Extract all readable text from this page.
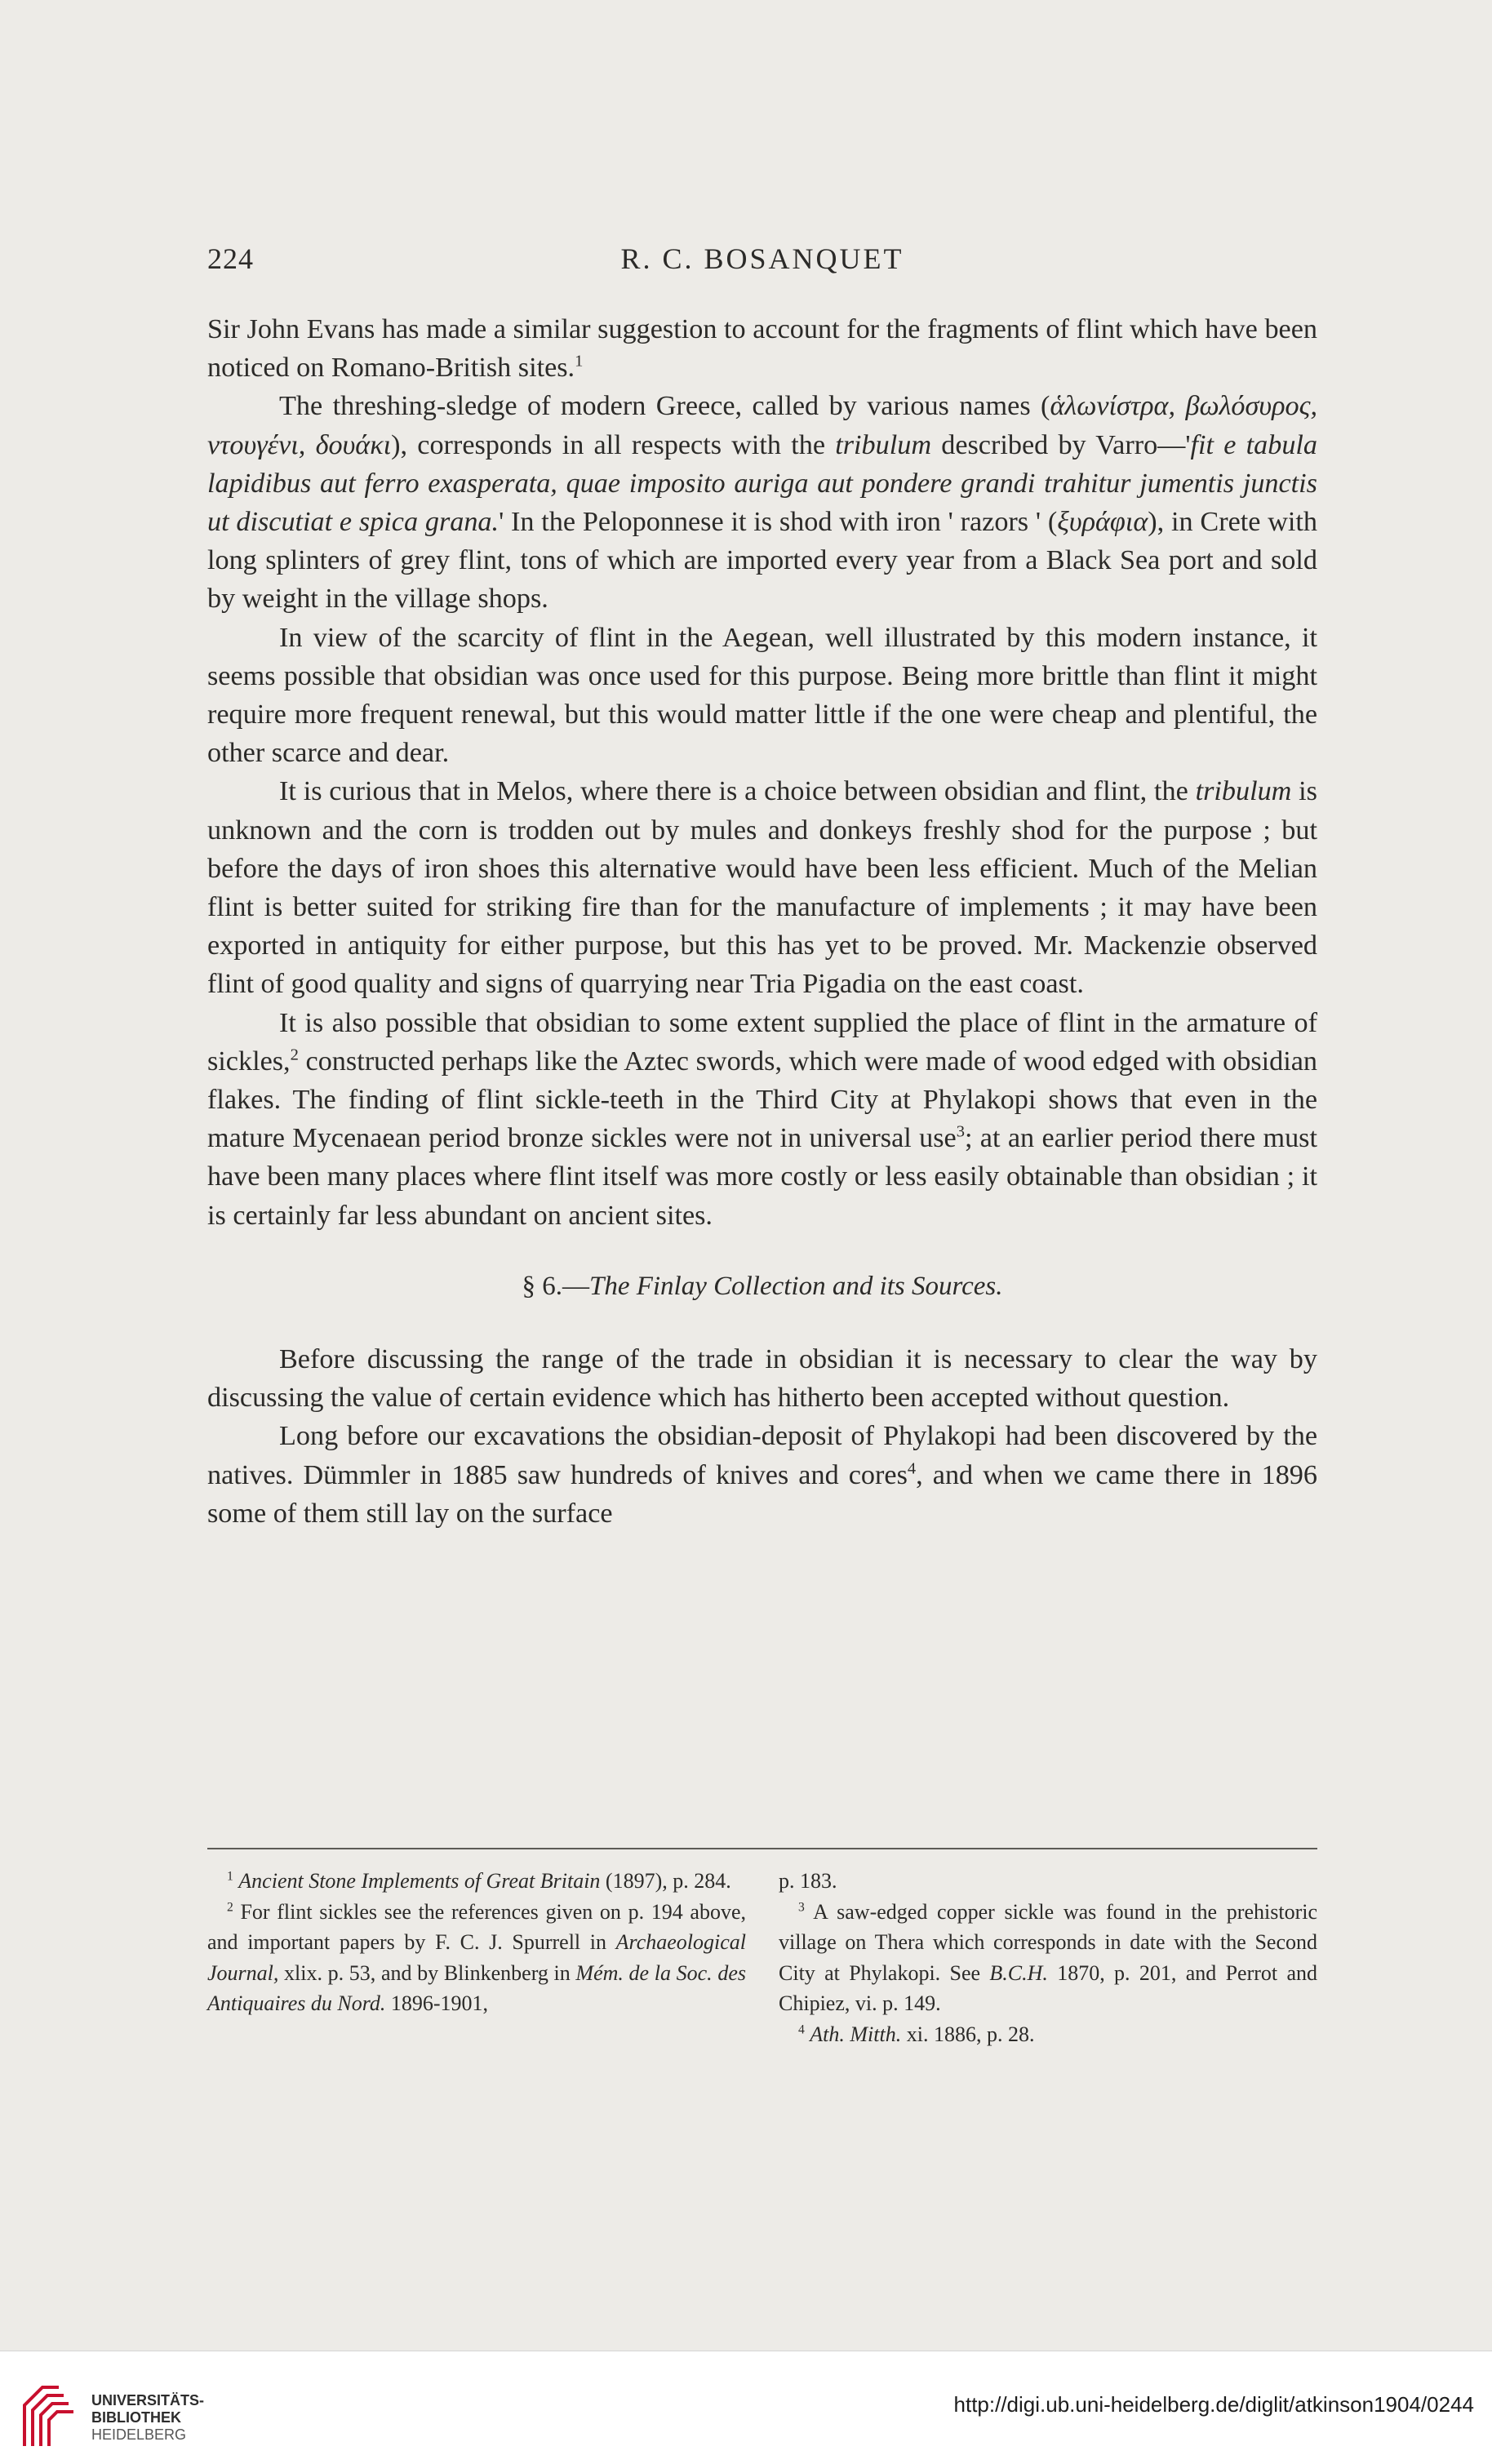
224	R. C. BOSANQUET

Sir John Evans has made a similar suggestion to account for the fragments of flint which have been noticed on Romano-British sites.$^1$

The threshing-sledge of modern Greece, called by various names (ἁλωνίστρα, βωλόσυρος, ντουγένι, δουάκι), corresponds in all respects with the tribulum described by Varro—'fit e tabula lapidibus aut ferro exasperata, quae imposito auriga aut pondere grandi trahitur jumentis junctis ut discutiat e spica grana.' In the Peloponnese it is shod with iron ' razors ' (ξυράφια), in Crete with long splinters of grey flint, tons of which are imported every year from a Black Sea port and sold by weight in the village shops.

In view of the scarcity of flint in the Aegean, well illustrated by this modern instance, it seems possible that obsidian was once used for this purpose. Being more brittle than flint it might require more frequent renewal, but this would matter little if the one were cheap and plentiful, the other scarce and dear.

It is curious that in Melos, where there is a choice between obsidian and flint, the tribulum is unknown and the corn is trodden out by mules and donkeys freshly shod for the purpose ; but before the days of iron shoes this alternative would have been less efficient. Much of the Melian flint is better suited for striking fire than for the manufacture of implements ; it may have been exported in antiquity for either purpose, but this has yet to be proved. Mr. Mackenzie observed flint of good quality and signs of quarrying near Tria Pigadia on the east coast.

It is also possible that obsidian to some extent supplied the place of flint in the armature of sickles,$^2$ constructed perhaps like the Aztec swords, which were made of wood edged with obsidian flakes. The finding of flint sickle-teeth in the Third City at Phylakopi shows that even in the mature Mycenaean period bronze sickles were not in universal use$^3$; at an earlier period there must have been many places where flint itself was more costly or less easily obtainable than obsidian ; it is certainly far less abundant on ancient sites.

§ 6.—The Finlay Collection and its Sources.

Before discussing the range of the trade in obsidian it is necessary to clear the way by discussing the value of certain evidence which has hitherto been accepted without question.

Long before our excavations the obsidian-deposit of Phylakopi had been discovered by the natives. Dümmler in 1885 saw hundreds of knives and cores$^4$, and when we came there in 1896 some of them still lay on the surface

$^1$ Ancient Stone Implements of Great Britain (1897), p. 284.

$^2$ For flint sickles see the references given on p. 194 above, and important papers by F. C. J. Spurrell in Archaeological Journal, xlix. p. 53, and by Blinkenberg in Mém. de la Soc. des Antiquaires du Nord. 1896-1901,

p. 183.

$^3$ A saw-edged copper sickle was found in the prehistoric village on Thera which corresponds in date with the Second City at Phylakopi. See B.C.H. 1870, p. 201, and Perrot and Chipiez, vi. p. 149.

$^4$ Ath. Mitth. xi. 1886, p. 28.

UNIVERSITÄTS-
BIBLIOTHEK
HEIDELBERG
http://digi.ub.uni-heidelberg.de/diglit/atkinson1904/0244
